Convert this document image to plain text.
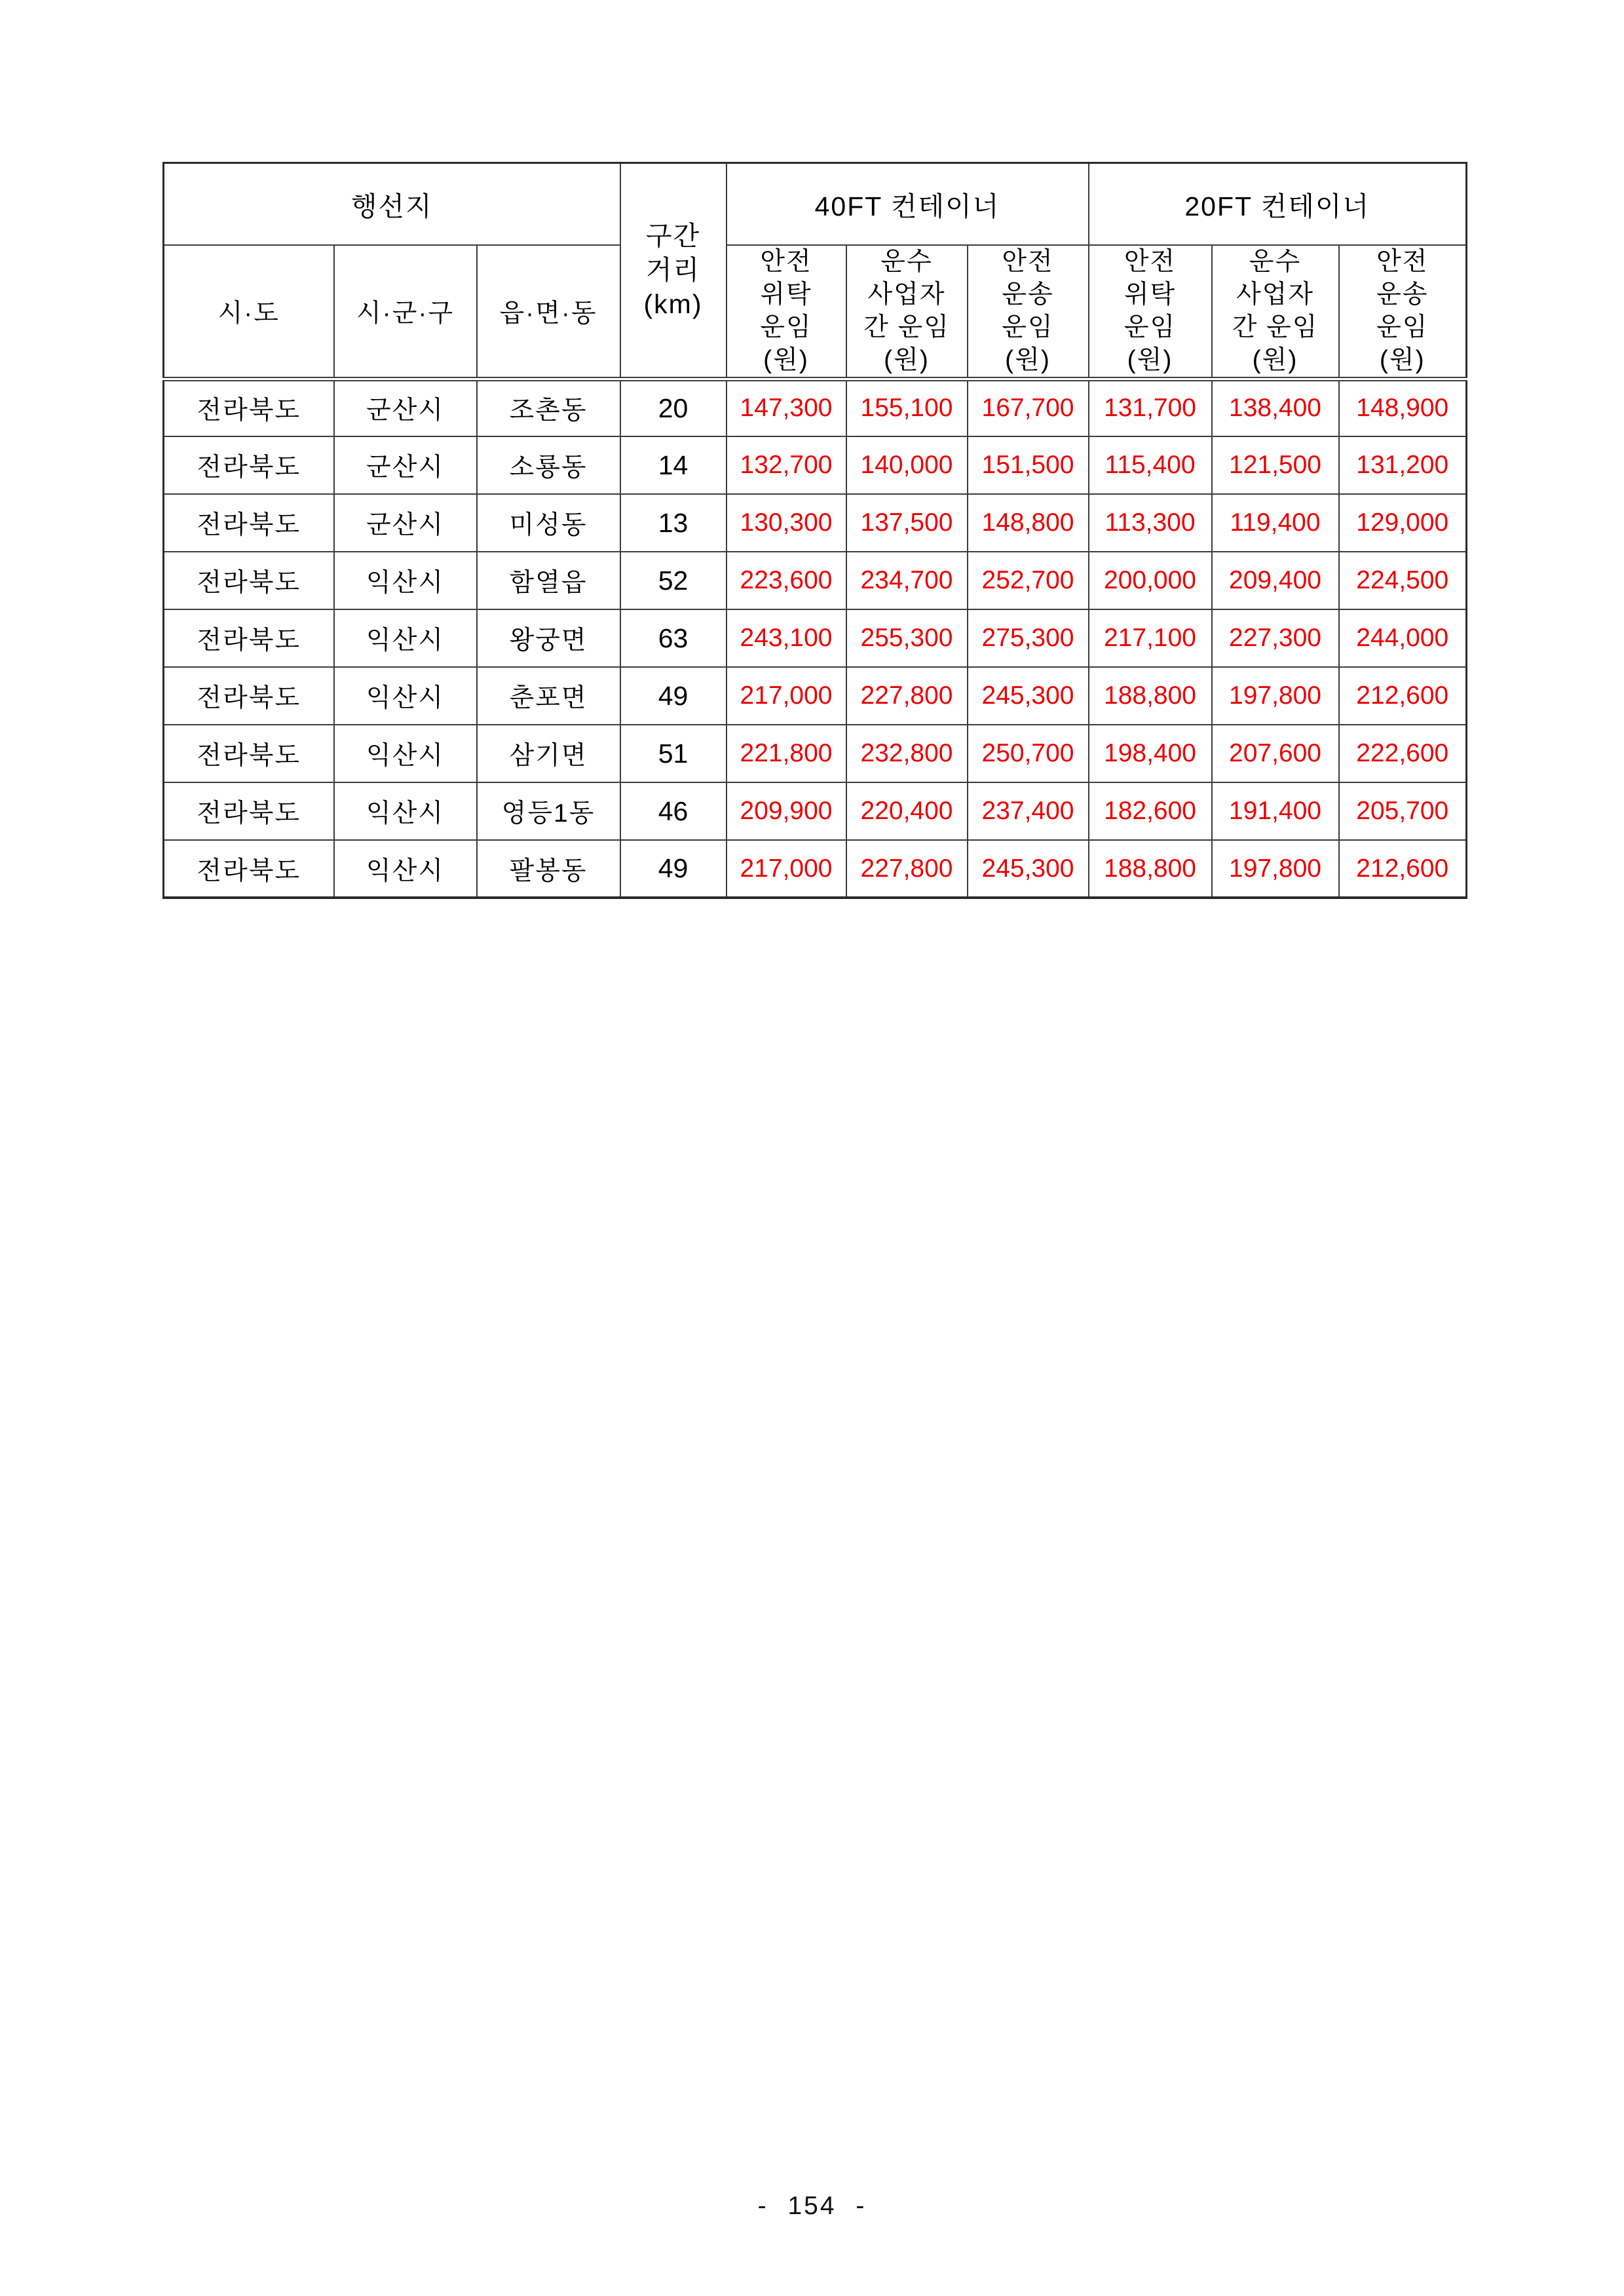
행선지			구간
거리
(km)	40FT 컨테이너			20FT 컨테이너		
시·도	시·군·구	읍·면·동	
안전
위탁
운임
(원)

운수
사업자
간 운임
(원)

안전
운송
운임
(원)

안전
위탁
운임
(원)

운수
사업자
간 운임
(원)

안전
운송
운임
(원)

전라북도	군산시	조촌동	20	147,300	155,100	167,700	131,700	138,400	148,900
전라북도	군산시	소룡동	14	132,700	140,000	151,500	115,400	121,500	131,200
전라북도	군산시	미성동	13	130,300	137,500	148,800	113,300	119,400	129,000
전라북도	익산시	함열읍	52	223,600	234,700	252,700	200,000	209,400	224,500
전라북도	익산시	왕궁면	63	243,100	255,300	275,300	217,100	227,300	244,000
전라북도	익산시	춘포면	49	217,000	227,800	245,300	188,800	197,800	212,600
전라북도	익산시	삼기면	51	221,800	232,800	250,700	198,400	207,600	222,600
전라북도	익산시	영등1동	46	209,900	220,400	237,400	182,600	191,400	205,700
전라북도	익산시	팔봉동	49	217,000	227,800	245,300	188,800	197,800	212,600
- 154 -
